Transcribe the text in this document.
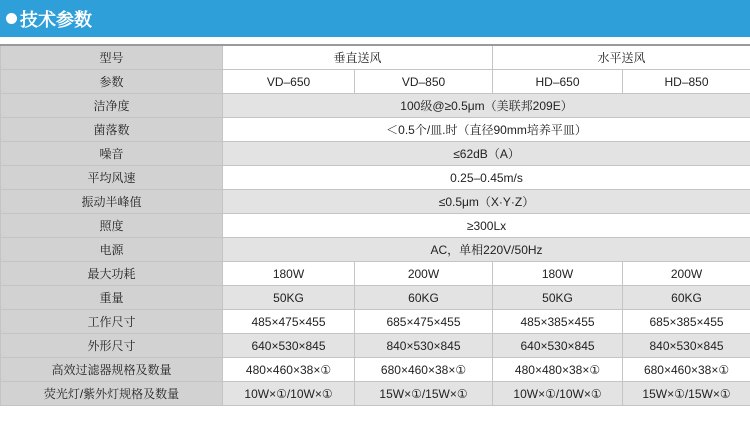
技术参数
型号	垂直送风		水平送风	
参数	VD–650	VD–850	HD–650	HD–850
洁净度	100级@≥0.5μm（美联邦209E）			
菌落数	＜0.5个/皿.时（直径90mm培养平皿）			
噪音	≤62dB（A）			
平均风速	0.25–0.45m/s			
振动半峰值	≤0.5μm（X·Y·Z）			
照度	≥300Lx			
电源	AC，单相220V/50Hz			
最大功耗	180W	200W	180W	200W
重量	50KG	60KG	50KG	60KG
工作尺寸	485×475×455	685×475×455	485×385×455	685×385×455
外形尺寸	640×530×845	840×530×845	640×530×845	840×530×845
高效过滤器规格及数量	480×460×38×①	680×460×38×①	480×480×38×①	680×460×38×①
荧光灯/紫外灯规格及数量	10W×①/10W×①	15W×①/15W×①	10W×①/10W×①	15W×①/15W×①
